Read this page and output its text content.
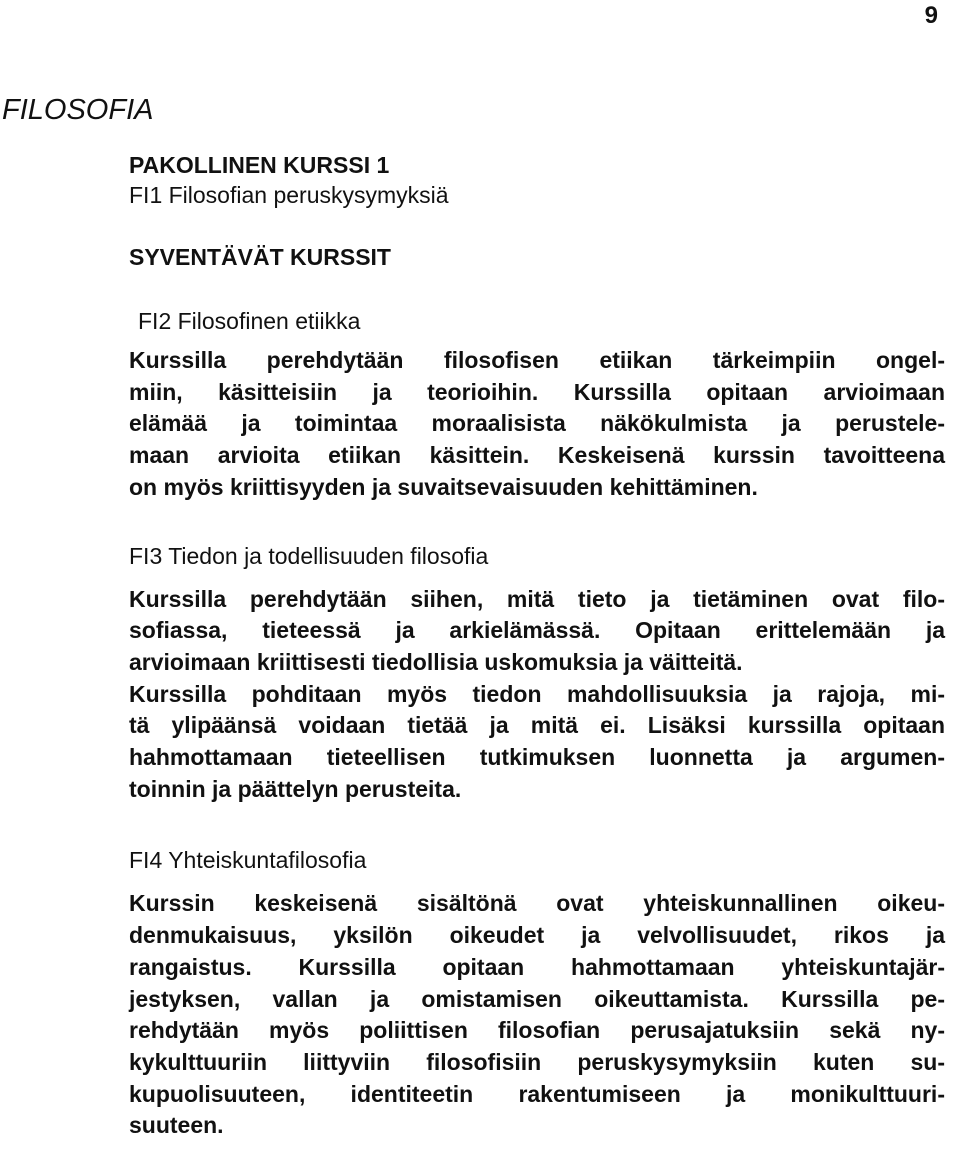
9
FILOSOFIA
PAKOLLINEN KURSSI 1

FI1 Filosofian peruskysymyksiä

SYVENTÄVÄT KURSSIT

FI2 Filosofinen etiikka

Kurssilla perehdytään filosofisen etiikan tärkeimpiin ongel-
miin, käsitteisiin ja teorioihin. Kurssilla opitaan arvioimaan
elämää ja toimintaa moraalisista näkökulmista ja perustele-
maan arvioita etiikan käsittein. Keskeisenä kurssin tavoitteena
on myös kriittisyyden ja suvaitsevaisuuden kehittäminen.

FI3 Tiedon ja todellisuuden filosofia

Kurssilla perehdytään siihen, mitä tieto ja tietäminen ovat filo-
sofiassa, tieteessä ja arkielämässä. Opitaan erittelemään ja
arvioimaan kriittisesti tiedollisia uskomuksia ja väitteitä.
Kurssilla pohditaan myös tiedon mahdollisuuksia ja rajoja, mi-
tä ylipäänsä voidaan tietää ja mitä ei. Lisäksi kurssilla opitaan
hahmottamaan tieteellisen tutkimuksen luonnetta ja argumen-
toinnin ja päättelyn perusteita.

FI4 Yhteiskuntafilosofia

Kurssin keskeisenä sisältönä ovat yhteiskunnallinen oikeu-
denmukaisuus, yksilön oikeudet ja velvollisuudet, rikos ja
rangaistus. Kurssilla opitaan hahmottamaan yhteiskuntajär-
jestyksen, vallan ja omistamisen oikeuttamista. Kurssilla pe-
rehdytään myös poliittisen filosofian perusajatuksiin sekä ny-
kykulttuuriin liittyviin filosofisiin peruskysymyksiin kuten su-
kupuolisuuteen, identiteetin rakentumiseen ja monikulttuuri-
suuteen.
